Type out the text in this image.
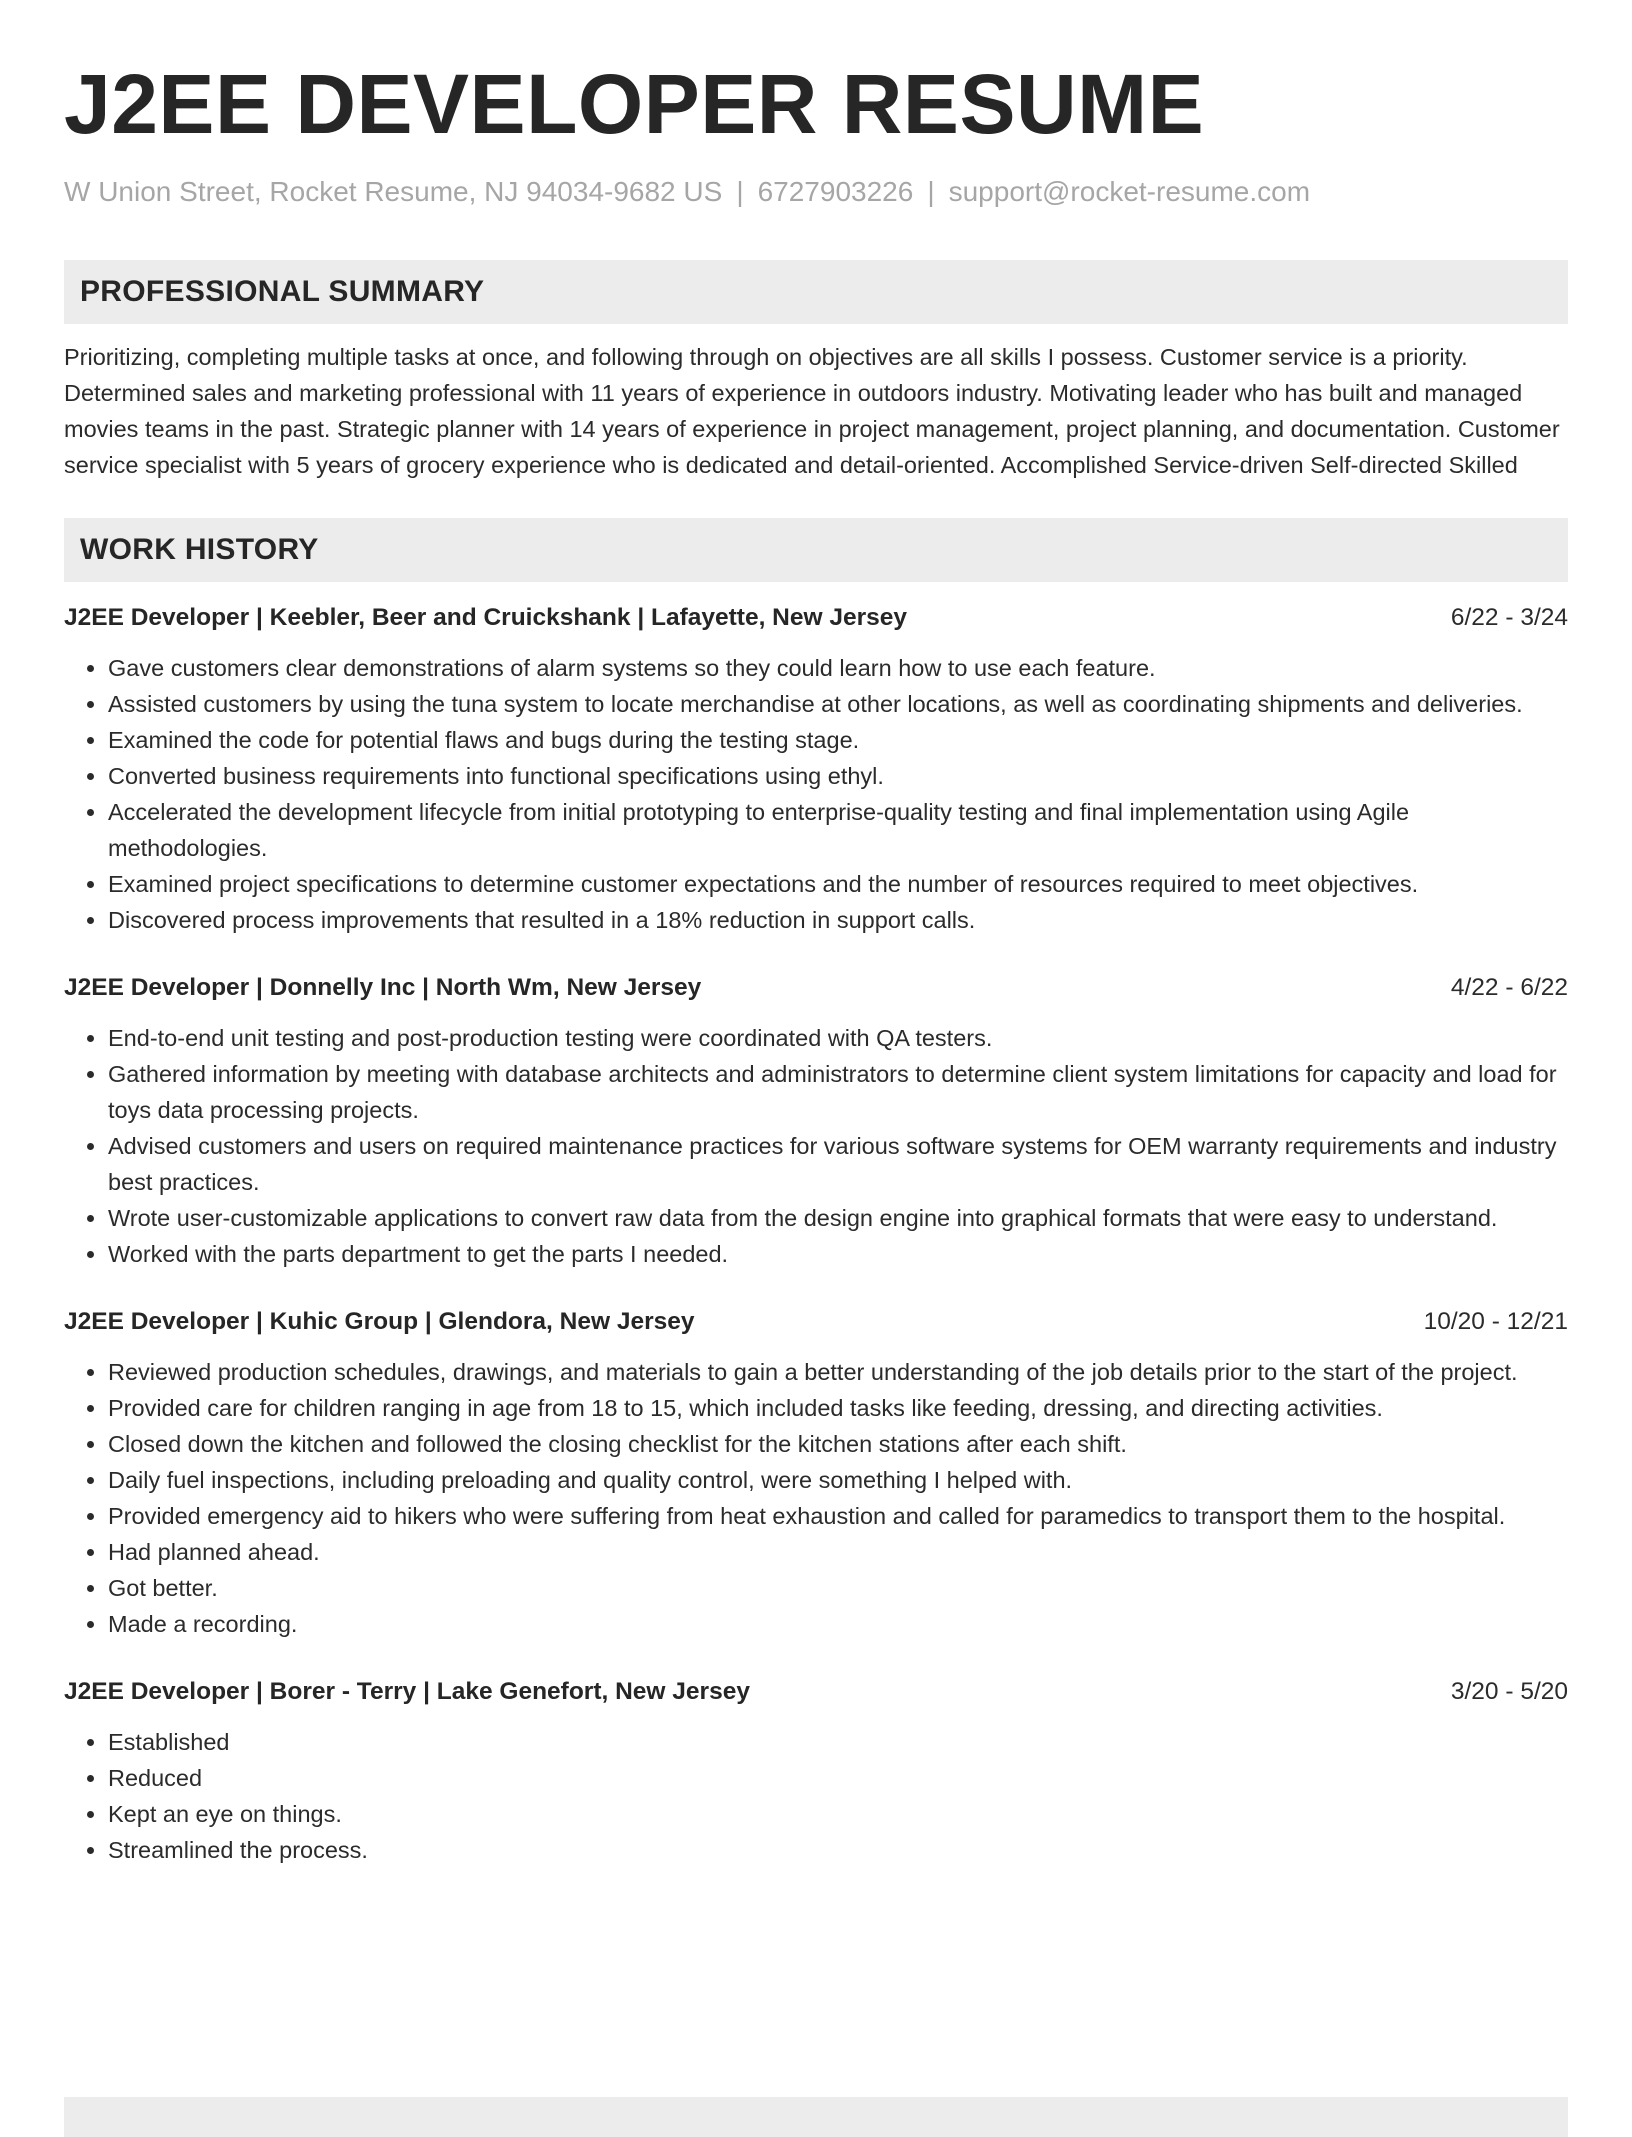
J2EE DEVELOPER RESUME
W Union Street, Rocket Resume, NJ 94034-9682 US | 6727903226 | support@rocket-resume.com
PROFESSIONAL SUMMARY
Prioritizing, completing multiple tasks at once, and following through on objectives are all skills I possess. Customer service is a priority. Determined sales and marketing professional with 11 years of experience in outdoors industry. Motivating leader who has built and managed movies teams in the past. Strategic planner with 14 years of experience in project management, project planning, and documentation. Customer service specialist with 5 years of grocery experience who is dedicated and detail-oriented. Accomplished Service-driven Self-directed Skilled
WORK HISTORY
J2EE Developer | Keebler, Beer and Cruickshank | Lafayette, New Jersey	6/22 - 3/24
• Gave customers clear demonstrations of alarm systems so they could learn how to use each feature.
• Assisted customers by using the tuna system to locate merchandise at other locations, as well as coordinating shipments and deliveries.
• Examined the code for potential flaws and bugs during the testing stage.
• Converted business requirements into functional specifications using ethyl.
• Accelerated the development lifecycle from initial prototyping to enterprise-quality testing and final implementation using Agile methodologies.
• Examined project specifications to determine customer expectations and the number of resources required to meet objectives.
• Discovered process improvements that resulted in a 18% reduction in support calls.
J2EE Developer | Donnelly Inc | North Wm, New Jersey	4/22 - 6/22
• End-to-end unit testing and post-production testing were coordinated with QA testers.
• Gathered information by meeting with database architects and administrators to determine client system limitations for capacity and load for toys data processing projects.
• Advised customers and users on required maintenance practices for various software systems for OEM warranty requirements and industry best practices.
• Wrote user-customizable applications to convert raw data from the design engine into graphical formats that were easy to understand.
• Worked with the parts department to get the parts I needed.
J2EE Developer | Kuhic Group | Glendora, New Jersey	10/20 - 12/21
• Reviewed production schedules, drawings, and materials to gain a better understanding of the job details prior to the start of the project.
• Provided care for children ranging in age from 18 to 15, which included tasks like feeding, dressing, and directing activities.
• Closed down the kitchen and followed the closing checklist for the kitchen stations after each shift.
• Daily fuel inspections, including preloading and quality control, were something I helped with.
• Provided emergency aid to hikers who were suffering from heat exhaustion and called for paramedics to transport them to the hospital.
• Had planned ahead.
• Got better.
• Made a recording.
J2EE Developer | Borer - Terry | Lake Genefort, New Jersey	3/20 - 5/20
• Established
• Reduced
• Kept an eye on things.
• Streamlined the process.
